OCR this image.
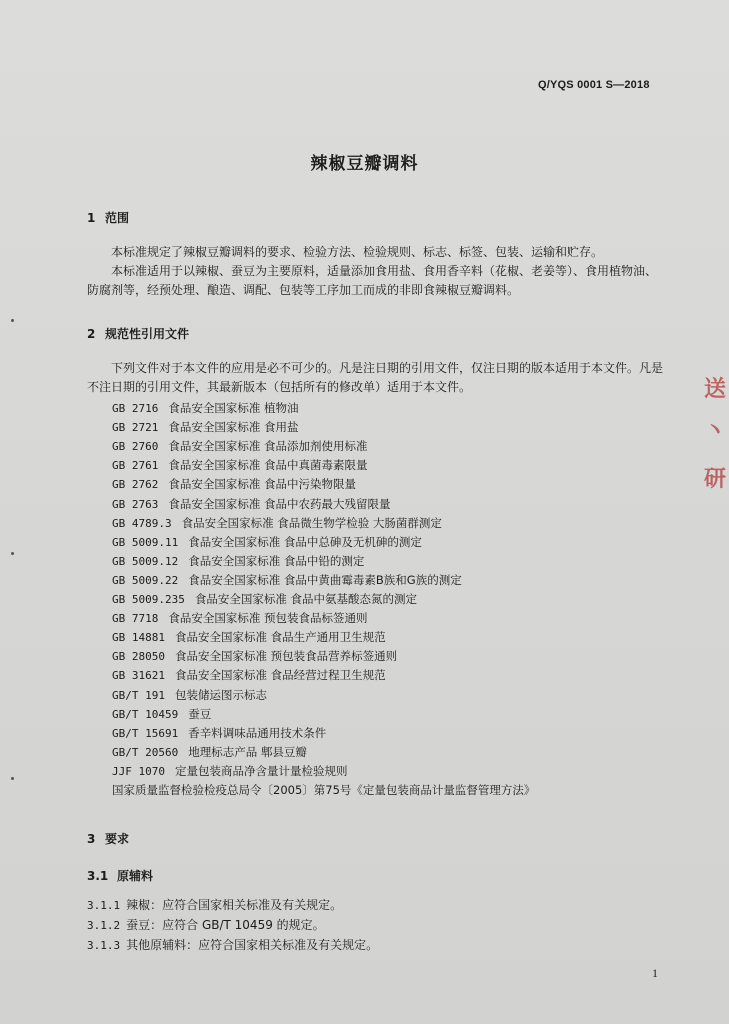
Q/YQS 0001 S—2018
辣椒豆瓣调料
1 范围
本标准规定了辣椒豆瓣调料的要求、检验方法、检验规则、标志、标签、包装、运输和贮存。
本标准适用于以辣椒、蚕豆为主要原料，适量添加食用盐、食用香辛料（花椒、老姜等）、食用植物油、防腐剂等，经预处理、酿造、调配、包装等工序加工而成的非即食辣椒豆瓣调料。
2 规范性引用文件
下列文件对于本文件的应用是必不可少的。凡是注日期的引用文件，仅注日期的版本适用于本文件。凡是不注日期的引用文件，其最新版本（包括所有的修改单）适用于本文件。
GB 2716 食品安全国家标准 植物油
GB 2721 食品安全国家标准 食用盐
GB 2760 食品安全国家标准 食品添加剂使用标准
GB 2761 食品安全国家标准 食品中真菌毒素限量
GB 2762 食品安全国家标准 食品中污染物限量
GB 2763 食品安全国家标准 食品中农药最大残留限量
GB 4789.3 食品安全国家标准 食品微生物学检验 大肠菌群测定
GB 5009.11 食品安全国家标准 食品中总砷及无机砷的测定
GB 5009.12 食品安全国家标准 食品中铅的测定
GB 5009.22 食品安全国家标准 食品中黄曲霉毒素B族和G族的测定
GB 5009.235 食品安全国家标准 食品中氨基酸态氮的测定
GB 7718 食品安全国家标准 预包装食品标签通则
GB 14881 食品安全国家标准 食品生产通用卫生规范
GB 28050 食品安全国家标准 预包装食品营养标签通则
GB 31621 食品安全国家标准 食品经营过程卫生规范
GB/T 191 包装储运图示标志
GB/T 10459 蚕豆
GB/T 15691 香辛料调味品通用技术条件
GB/T 20560 地理标志产品 郫县豆瓣
JJF 1070 定量包装商品净含量计量检验规则
国家质量监督检验检疫总局令〔2005〕第75号《定量包装商品计量监督管理方法》
3 要求
3.1 原辅料
3.1.1 辣椒：应符合国家相关标准及有关规定。
3.1.2 蚕豆：应符合 GB/T 10459 的规定。
3.1.3 其他原辅料：应符合国家相关标准及有关规定。
1
送
丶
研
